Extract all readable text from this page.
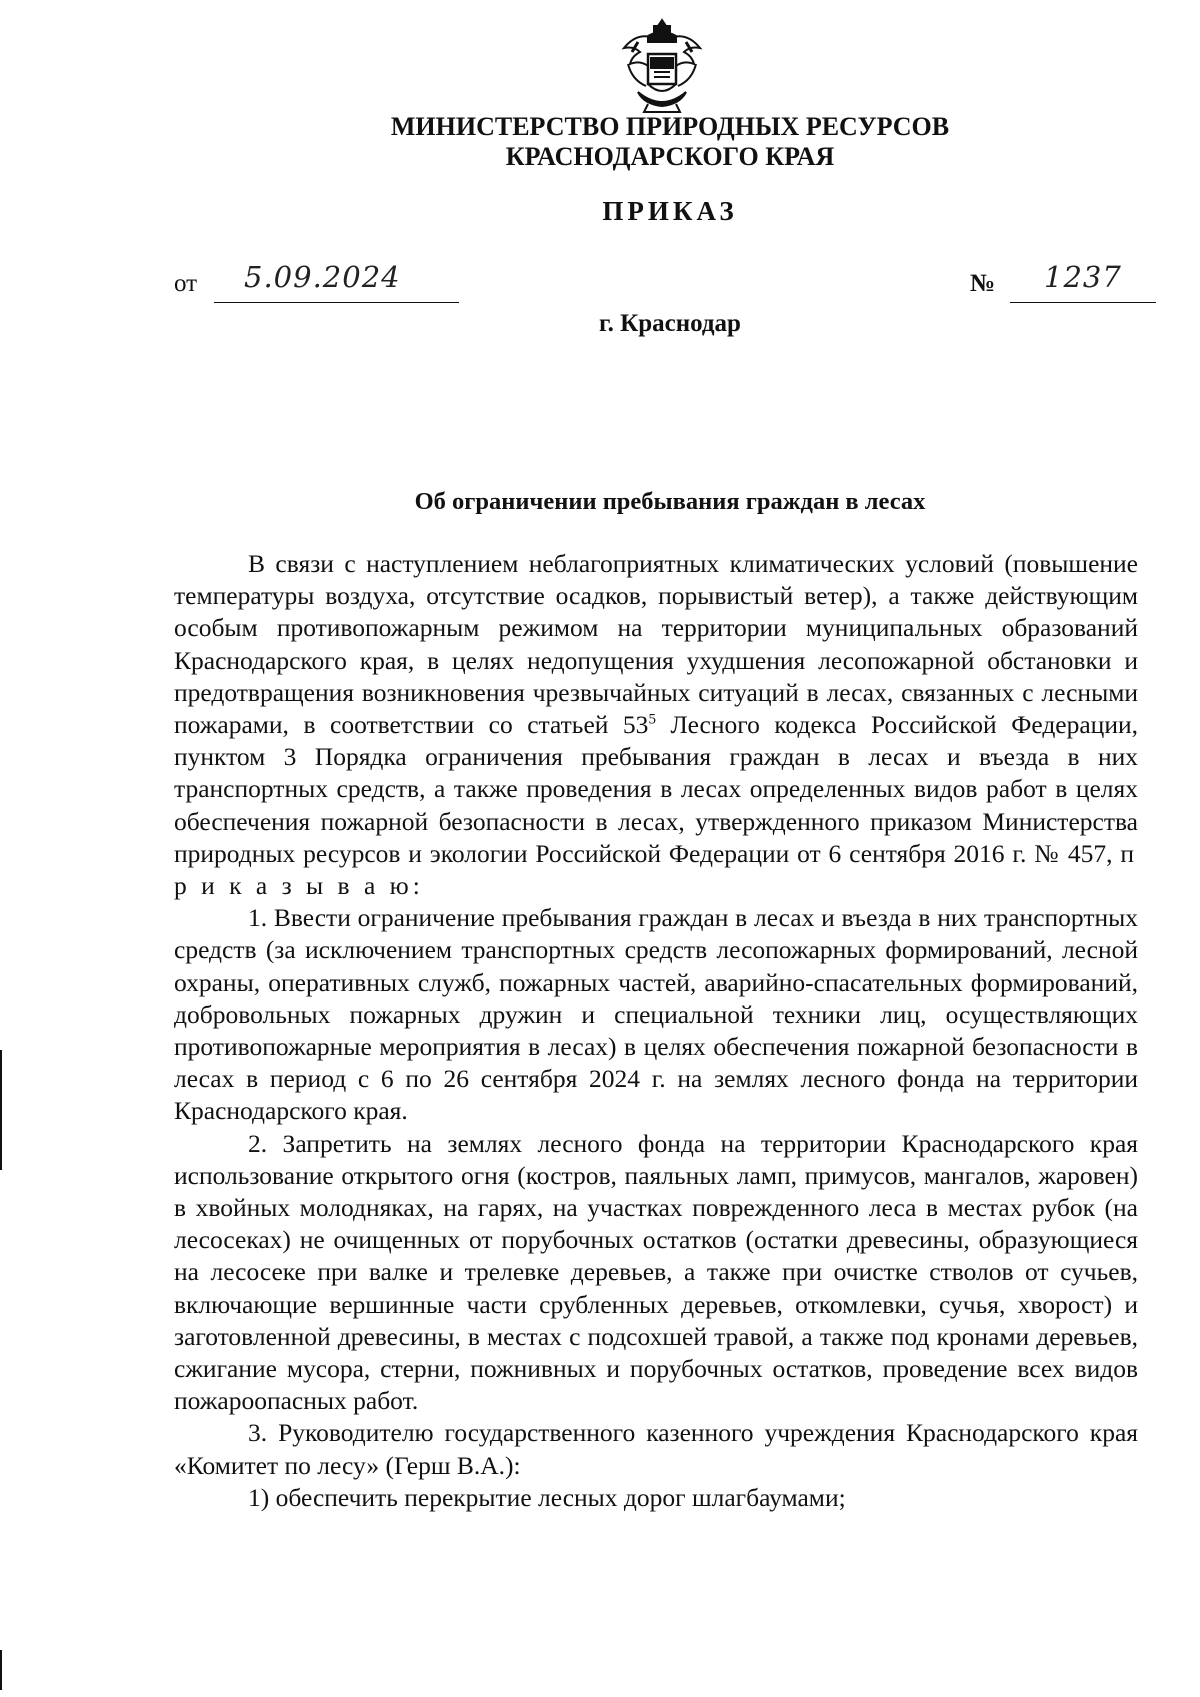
МИНИСТЕРСТВО ПРИРОДНЫХ РЕСУРСОВ
КРАСНОДАРСКОГО КРАЯ
ПРИКАЗ
от 5.09.2024	№ 1237
г. Краснодар
Об ограничении пребывания граждан в лесах

В связи с наступлением неблагоприятных климатических условий (повышение температуры воздуха, отсутствие осадков, порывистый ветер), а также действующим особым противопожарным режимом на территории муниципальных образований Краснодарского края, в целях недопущения ухудшения лесопожарной обстановки и предотвращения возникновения чрезвычайных ситуаций в лесах, связанных с лесными пожарами, в соответствии со статьей $53^5$ Лесного кодекса Российской Федерации, пунктом 3 Порядка ограничения пребывания граждан в лесах и въезда в них транспортных средств, а также проведения в лесах определенных видов работ в целях обеспечения пожарной безопасности в лесах, утвержденного приказом Министерства природных ресурсов и экологии Российской Федерации от 6 сентября 2016 г. № 457, п р и к а з ы в а ю:

1. Ввести ограничение пребывания граждан в лесах и въезда в них транспортных средств (за исключением транспортных средств лесопожарных формирований, лесной охраны, оперативных служб, пожарных частей, аварийно-спасательных формирований, добровольных пожарных дружин и специальной техники лиц, осуществляющих противопожарные мероприятия в лесах) в целях обеспечения пожарной безопасности в лесах в период с 6 по 26 сентября 2024 г. на землях лесного фонда на территории Краснодарского края.

2. Запретить на землях лесного фонда на территории Краснодарского края использование открытого огня (костров, паяльных ламп, примусов, мангалов, жаровен) в хвойных молодняках, на гарях, на участках поврежденного леса в местах рубок (на лесосеках) не очищенных от порубочных остатков (остатки древесины, образующиеся на лесосеке при валке и трелевке деревьев, а также при очистке стволов от сучьев, включающие вершинные части срубленных деревьев, откомлевки, сучья, хворост) и заготовленной древесины, в местах с подсохшей травой, а также под кронами деревьев, сжигание мусора, стерни, пожнивных и порубочных остатков, проведение всех видов пожароопасных работ.

3. Руководителю государственного казенного учреждения Краснодарского края «Комитет по лесу» (Герш В.А.):

1) обеспечить перекрытие лесных дорог шлагбаумами;
